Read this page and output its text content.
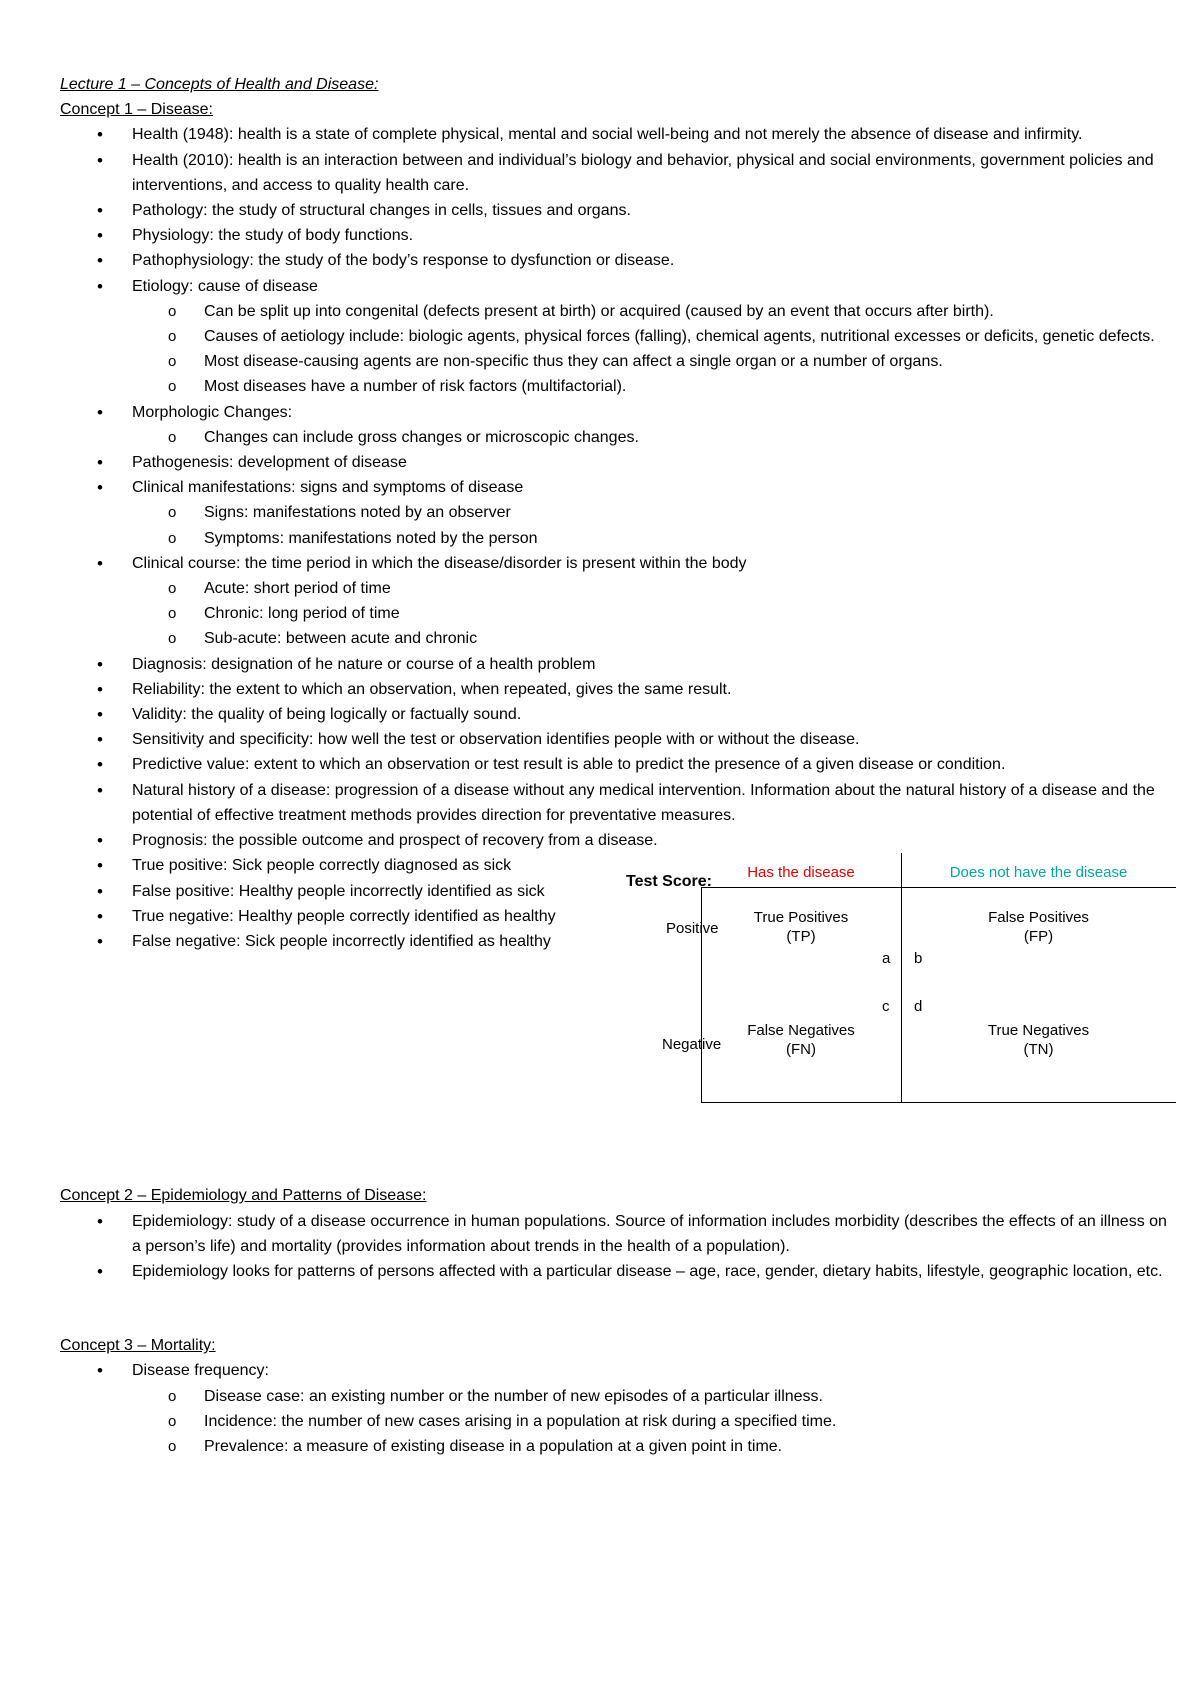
Lecture 1 – Concepts of Health and Disease:
Concept 1 – Disease:
• Health (1948): health is a state of complete physical, mental and social well-being and not merely the absence of disease and infirmity.
• Health (2010): health is an interaction between and individual’s biology and behavior, physical and social environments, government policies and interventions, and access to quality health care.
• Pathology: the study of structural changes in cells, tissues and organs.
• Physiology: the study of body functions.
• Pathophysiology: the study of the body’s response to dysfunction or disease.
• Etiology: cause of disease
o Can be split up into congenital (defects present at birth) or acquired (caused by an event that occurs after birth).
o Causes of aetiology include: biologic agents, physical forces (falling), chemical agents, nutritional excesses or deficits, genetic defects.
o Most disease-causing agents are non-specific thus they can affect a single organ or a number of organs.
o Most diseases have a number of risk factors (multifactorial).
• Morphologic Changes:
o Changes can include gross changes or microscopic changes.
• Pathogenesis: development of disease
• Clinical manifestations: signs and symptoms of disease
o Signs: manifestations noted by an observer
o Symptoms: manifestations noted by the person
• Clinical course: the time period in which the disease/disorder is present within the body
o Acute: short period of time
o Chronic: long period of time
o Sub-acute: between acute and chronic
• Diagnosis: designation of he nature or course of a health problem
• Reliability: the extent to which an observation, when repeated, gives the same result.
• Validity: the quality of being logically or factually sound.
• Sensitivity and specificity: how well the test or observation identifies people with or without the disease.
• Predictive value: extent to which an observation or test result is able to predict the presence of a given disease or condition.
• Natural history of a disease: progression of a disease without any medical intervention. Information about the natural history of a disease and the potential of effective treatment methods provides direction for preventative measures.
• Prognosis: the possible outcome and prospect of recovery from a disease.
• True positive: Sick people correctly diagnosed as sick
• False positive: Healthy people incorrectly identified as sick
• True negative: Healthy people correctly identified as healthy
• False negative: Sick people incorrectly identified as healthy
Test Score:
Has the disease	Does not have the disease
Positive
Negative
True Positives
(TP)
False Positives
(FP)
False Negatives
(FN)
True Negatives
(TN)
a b
c d
Concept 2 – Epidemiology and Patterns of Disease:
• Epidemiology: study of a disease occurrence in human populations. Source of information includes morbidity (describes the effects of an illness on a person’s life) and mortality (provides information about trends in the health of a population).
• Epidemiology looks for patterns of persons affected with a particular disease – age, race, gender, dietary habits, lifestyle, geographic location, etc.
Concept 3 – Mortality:
• Disease frequency:
o Disease case: an existing number or the number of new episodes of a particular illness.
o Incidence: the number of new cases arising in a population at risk during a specified time.
o Prevalence: a measure of existing disease in a population at a given point in time.
